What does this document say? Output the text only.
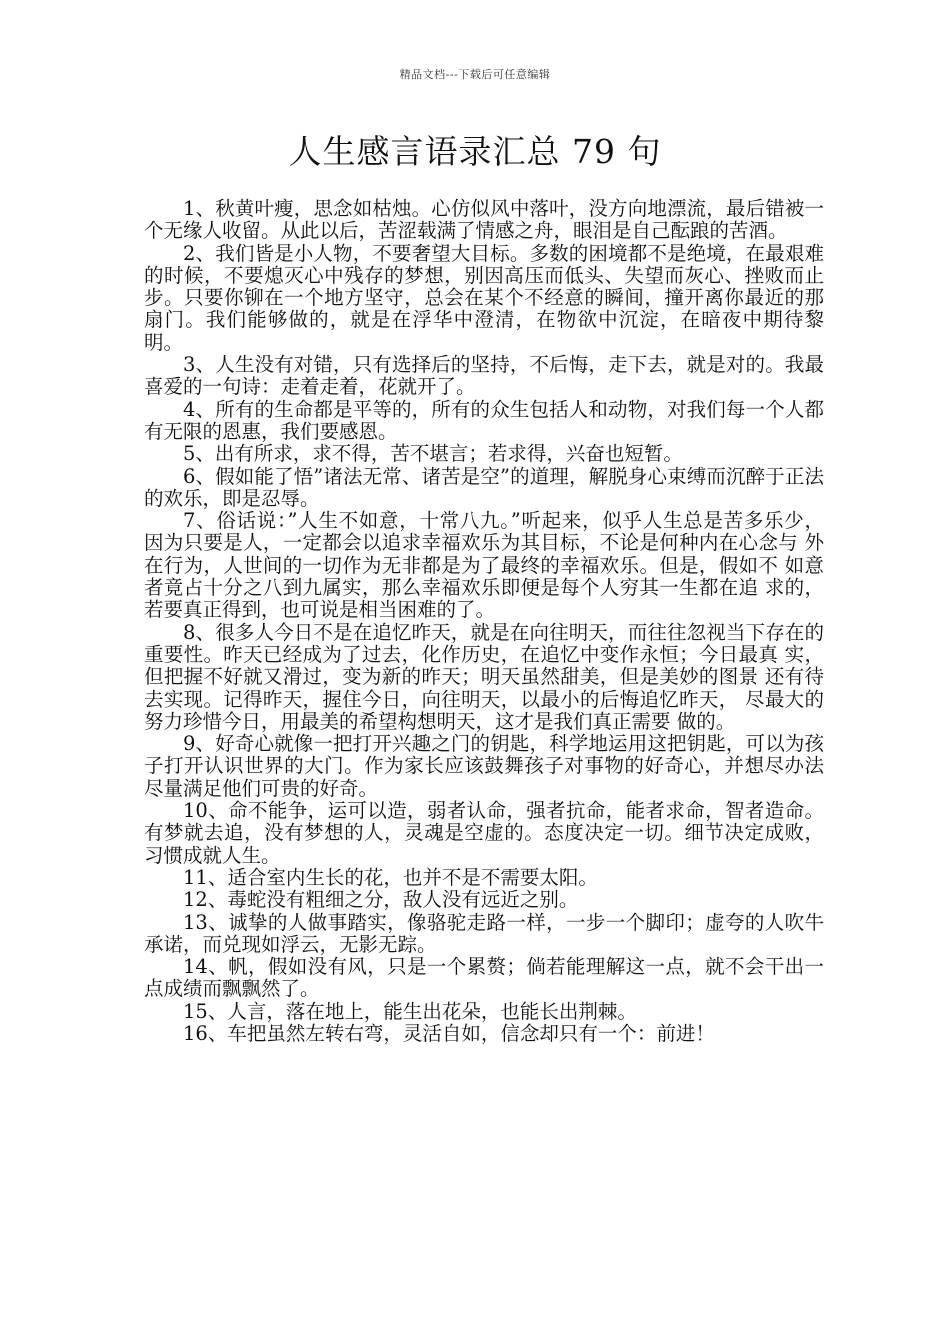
精品文档---下载后可任意编辑
人生感言语录汇总 79 句

1、秋黄叶瘦，思念如枯烛。心仿似风中落叶，没方向地漂流，最后错被一个无缘人收留。从此以后，苦涩载满了情感之舟，眼泪是自己酝踉的苦酒。

2、我们皆是小人物，不要奢望大目标。多数的困境都不是绝境，在最艰难的时候，不要熄灭心中残存的梦想，别因高压而低头、失望而灰心、挫败而止步。只要你铆在一个地方坚守，总会在某个不经意的瞬间，撞开离你最近的那扇门。我们能够做的，就是在浮华中澄清，在物欲中沉淀，在暗夜中期待黎明。

3、人生没有对错，只有选择后的坚持，不后悔，走下去，就是对的。我最喜爱的一句诗：走着走着，花就开了。

4、所有的生命都是平等的，所有的众生包括人和动物，对我们每一个人都有无限的恩惠，我们要感恩。

5、出有所求，求不得，苦不堪言；若求得，兴奋也短暂。

6、假如能了悟”诸法无常、诸苦是空”的道理，解脱身心束缚而沉醉于正法的欢乐，即是忍辱。

7、俗话说：”人生不如意，十常八九。”听起来，似乎人生总是苦多乐少， 因为只要是人，一定都会以追求幸福欢乐为其目标，不论是何种内在心念与 外在行为，人世间的一切作为无非都是为了最终的幸福欢乐。但是，假如不 如意者竟占十分之八到九属实，那么幸福欢乐即便是每个人穷其一生都在追 求的，若要真正得到，也可说是相当困难的了。

8、很多人今日不是在追忆昨天，就是在向往明天，而往往忽视当下存在的 重要性。昨天已经成为了过去，化作历史，在追忆中变作永恒；今日最真 实，但把握不好就又滑过，变为新的昨天；明天虽然甜美，但是美妙的图景 还有待去实现。记得昨天，握住今日，向往明天，以最小的后悔追忆昨天， 尽最大的努力珍惜今日，用最美的希望构想明天，这才是我们真正需要 做的。

9、好奇心就像一把打开兴趣之门的钥匙，科学地运用这把钥匙，可以为孩子打开认识世界的大门。作为家长应该鼓舞孩子对事物的好奇心，并想尽办法尽量满足他们可贵的好奇。

10、命不能争，运可以造，弱者认命，强者抗命，能者求命，智者造命。有梦就去追，没有梦想的人，灵魂是空虚的。态度决定一切。细节决定成败，习惯成就人生。

11、适合室内生长的花，也并不是不需要太阳。

12、毒蛇没有粗细之分，敌人没有远近之别。

13、诚挚的人做事踏实，像骆驼走路一样，一步一个脚印；虚夸的人吹牛承诺，而兑现如浮云，无影无踪。

14、帆，假如没有风，只是一个累赘；倘若能理解这一点，就不会干出一点成绩而飘飘然了。

15、人言，落在地上，能生出花朵，也能长出荆棘。

16、车把虽然左转右弯，灵活自如，信念却只有一个：前进！
